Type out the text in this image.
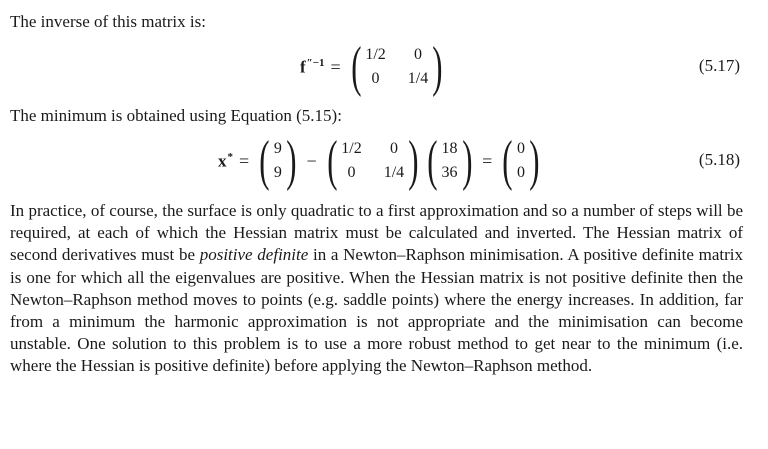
The inverse of this matrix is:
$f^{''-1}$ = ( 1/2	0
0	1/4 )	(5.17)
The minimum is obtained using Equation (5.15):
x* = ( 9
9 ) − ( 1/2	0
0	1/4 ) ( 18
36 ) = ( 0
0 )	(5.18)
In practice, of course, the surface is only quadratic to a first approximation and so a number of steps will be required, at each of which the Hessian matrix must be calculated and inverted. The Hessian matrix of second derivatives must be positive definite in a Newton–Raphson minimisation. A positive definite matrix is one for which all the eigenvalues are positive. When the Hessian matrix is not positive definite then the Newton–Raphson method moves to points (e.g. saddle points) where the energy increases. In addition, far from a minimum the harmonic approximation is not appropriate and the minimisation can become unstable. One solution to this problem is to use a more robust method to get near to the minimum (i.e. where the Hessian is positive definite) before applying the Newton–Raphson method.
